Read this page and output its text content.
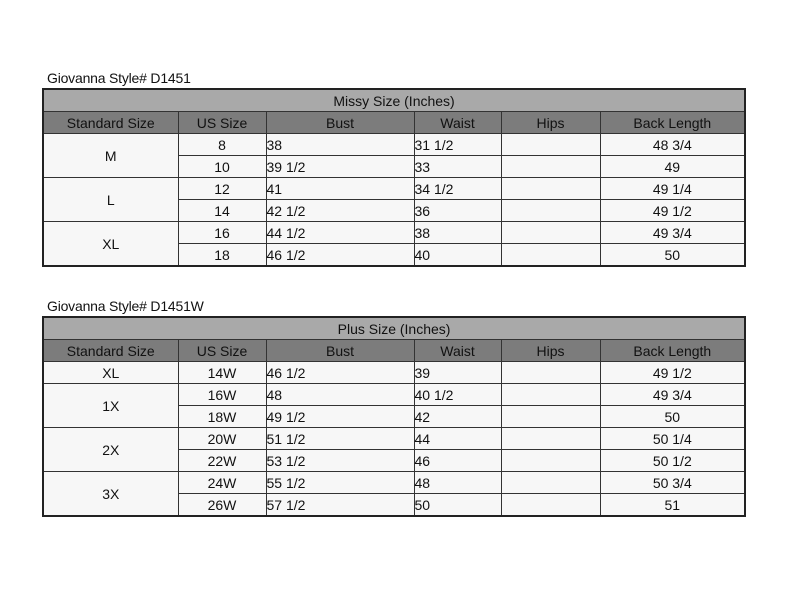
Giovanna Style# D1451
Missy Size (Inches)					
Standard Size	US Size	Bust	Waist	Hips	Back Length
M	8	38	31 1/2		48 3/4
	10	39 1/2	33		49
L	12	41	34 1/2		49 1/4
	14	42 1/2	36		49 1/2
XL	16	44 1/2	38		49 3/4
	18	46 1/2	40		50
Giovanna Style# D1451W
Plus Size (Inches)					
Standard Size	US Size	Bust	Waist	Hips	Back Length
XL	14W	46 1/2	39		49 1/2
1X	16W	48	40 1/2		49 3/4
	18W	49 1/2	42		50
2X	20W	51 1/2	44		50 1/4
	22W	53 1/2	46		50 1/2
3X	24W	55 1/2	48		50 3/4
	26W	57 1/2	50		51
